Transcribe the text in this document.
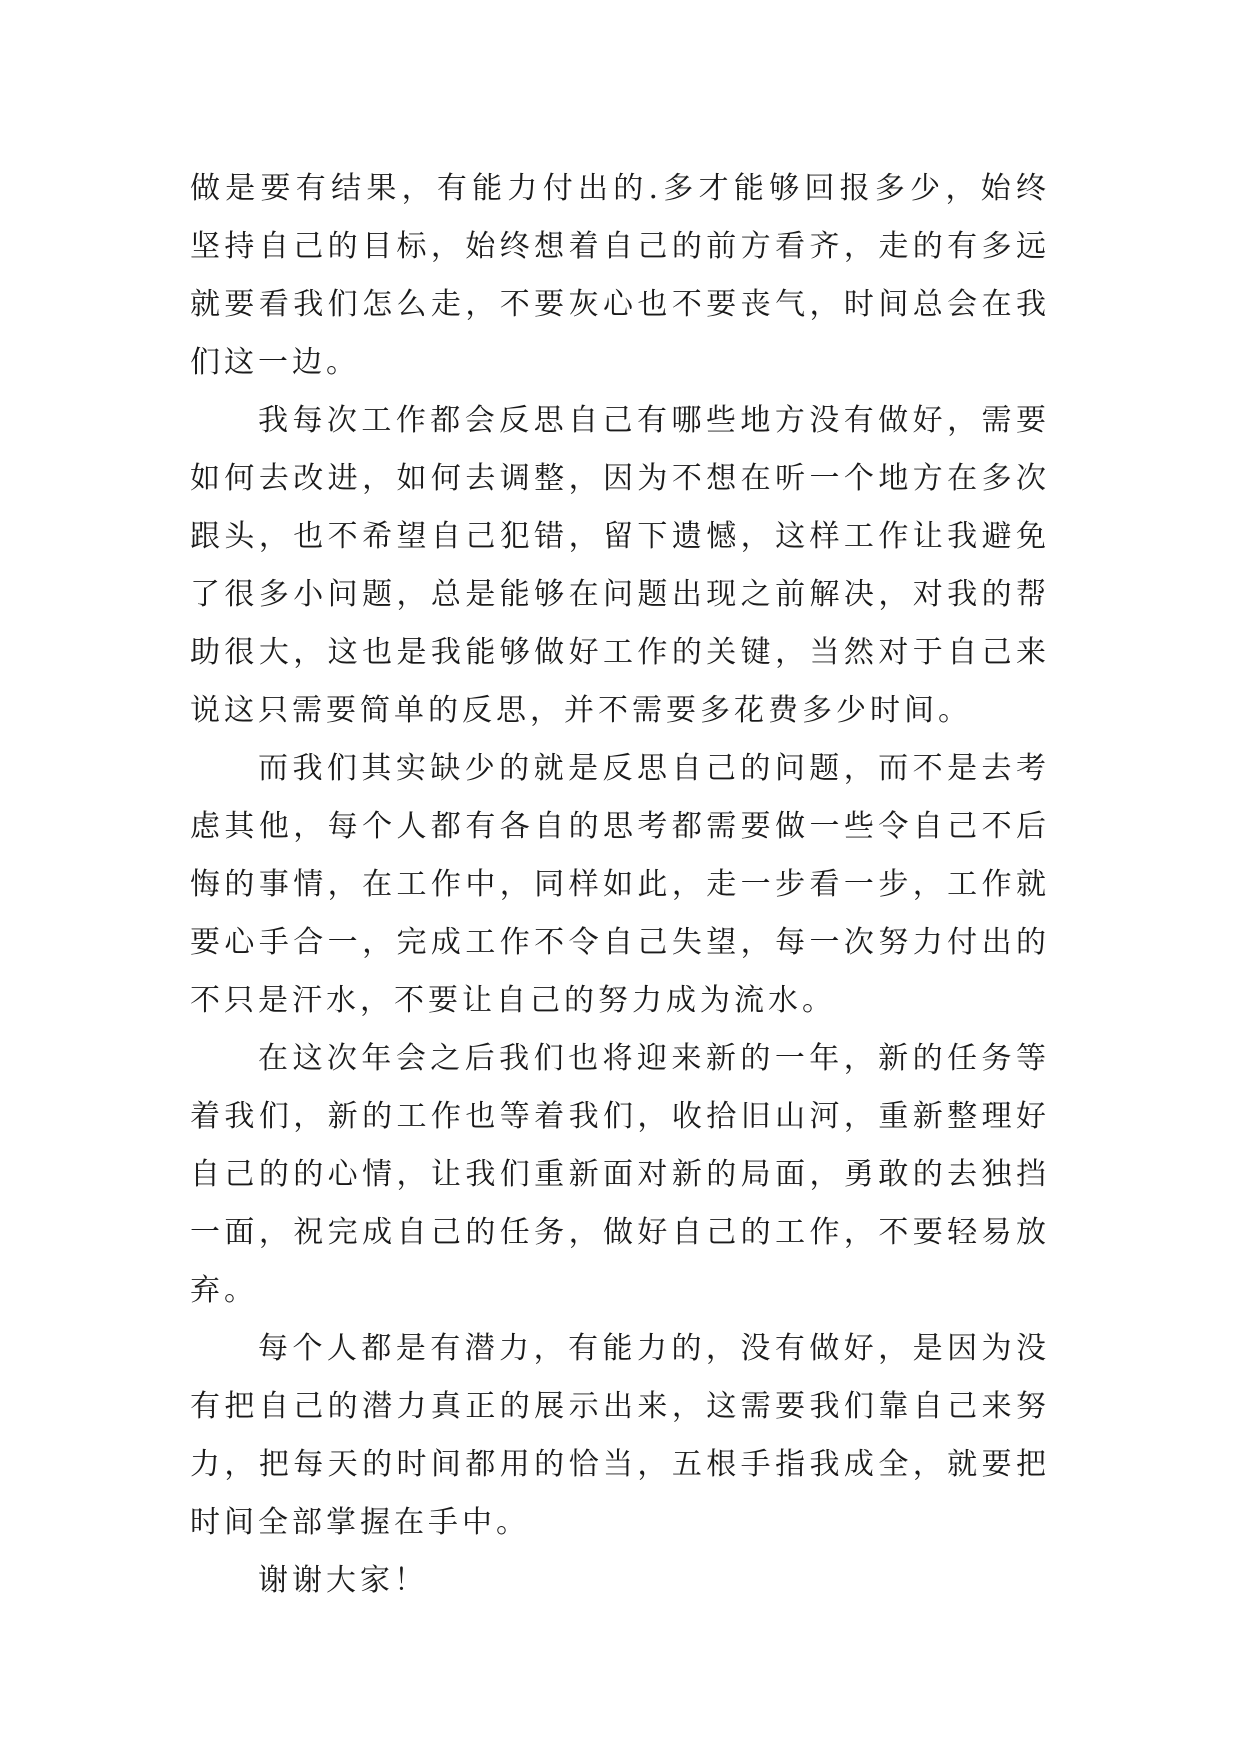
做是要有结果，有能力付出的.多才能够回报多少，始终坚持自己的目标，始终想着自己的前方看齐，走的有多远就要看我们怎么走，不要灰心也不要丧气，时间总会在我们这一边。

我每次工作都会反思自己有哪些地方没有做好，需要如何去改进，如何去调整，因为不想在听一个地方在多次跟头，也不希望自己犯错，留下遗憾，这样工作让我避免了很多小问题，总是能够在问题出现之前解决，对我的帮助很大，这也是我能够做好工作的关键，当然对于自己来说这只需要简单的反思，并不需要多花费多少时间。

而我们其实缺少的就是反思自己的问题，而不是去考虑其他，每个人都有各自的思考都需要做一些令自己不后悔的事情，在工作中，同样如此，走一步看一步，工作就要心手合一，完成工作不令自己失望，每一次努力付出的不只是汗水，不要让自己的努力成为流水。

在这次年会之后我们也将迎来新的一年，新的任务等着我们，新的工作也等着我们，收拾旧山河，重新整理好自己的的心情，让我们重新面对新的局面，勇敢的去独挡一面，祝完成自己的任务，做好自己的工作，不要轻易放弃。

每个人都是有潜力，有能力的，没有做好，是因为没有把自己的潜力真正的展示出来，这需要我们靠自己来努力，把每天的时间都用的恰当，五根手指我成全，就要把时间全部掌握在手中。

谢谢大家！
